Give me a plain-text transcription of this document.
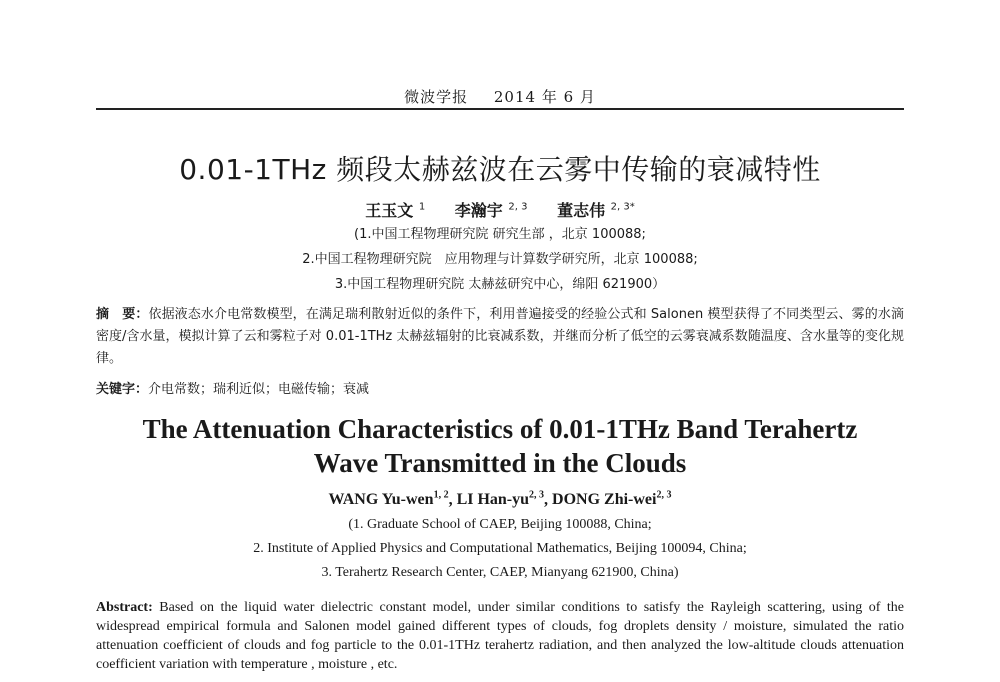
微波学报 2014 年 6 月
0.01-1THz 频段太赫兹波在云雾中传输的衰减特性
王玉文 $^1$ 李瀚宇 $^{2, 3}$ 董志伟 $^{2, 3*}$
(1.中国工程物理研究院 研究生部 ，北京 100088;
2.中国工程物理研究院　应用物理与计算数学研究所，北京 100088;
3.中国工程物理研究院 太赫兹研究中心，绵阳 621900）
摘　要：依据液态水介电常数模型，在满足瑞利散射近似的条件下，利用普遍接受的经验公式和 Salonen 模型获得了不同类型云、雾的水滴密度/含水量，模拟计算了云和雾粒子对 0.01-1THz 太赫兹辐射的比衰减系数，并继而分析了低空的云雾衰减系数随温度、含水量等的变化规律。
关键字：介电常数；瑞利近似；电磁传输；衰减
The Attenuation Characteristics of 0.01-1THz Band Terahertz
Wave Transmitted in the Clouds
WANG Yu-wen$^{1, 2}$, LI Han-yu$^{2, 3}$, DONG Zhi-wei$^{2, 3}$
(1. Graduate School of CAEP, Beijing 100088, China;
2. Institute of Applied Physics and Computational Mathematics, Beijing 100094, China;
3. Terahertz Research Center, CAEP, Mianyang 621900, China)
Abstract: Based on the liquid water dielectric constant model, under similar conditions to satisfy the Rayleigh scattering, using of the widespread empirical formula and Salonen model gained different types of clouds, fog droplets density / moisture, simulated the ratio attenuation coefficient of clouds and fog particle to the 0.01-1THz terahertz radiation, and then analyzed the low-altitude clouds attenuation coefficient variation with temperature , moisture , etc.
